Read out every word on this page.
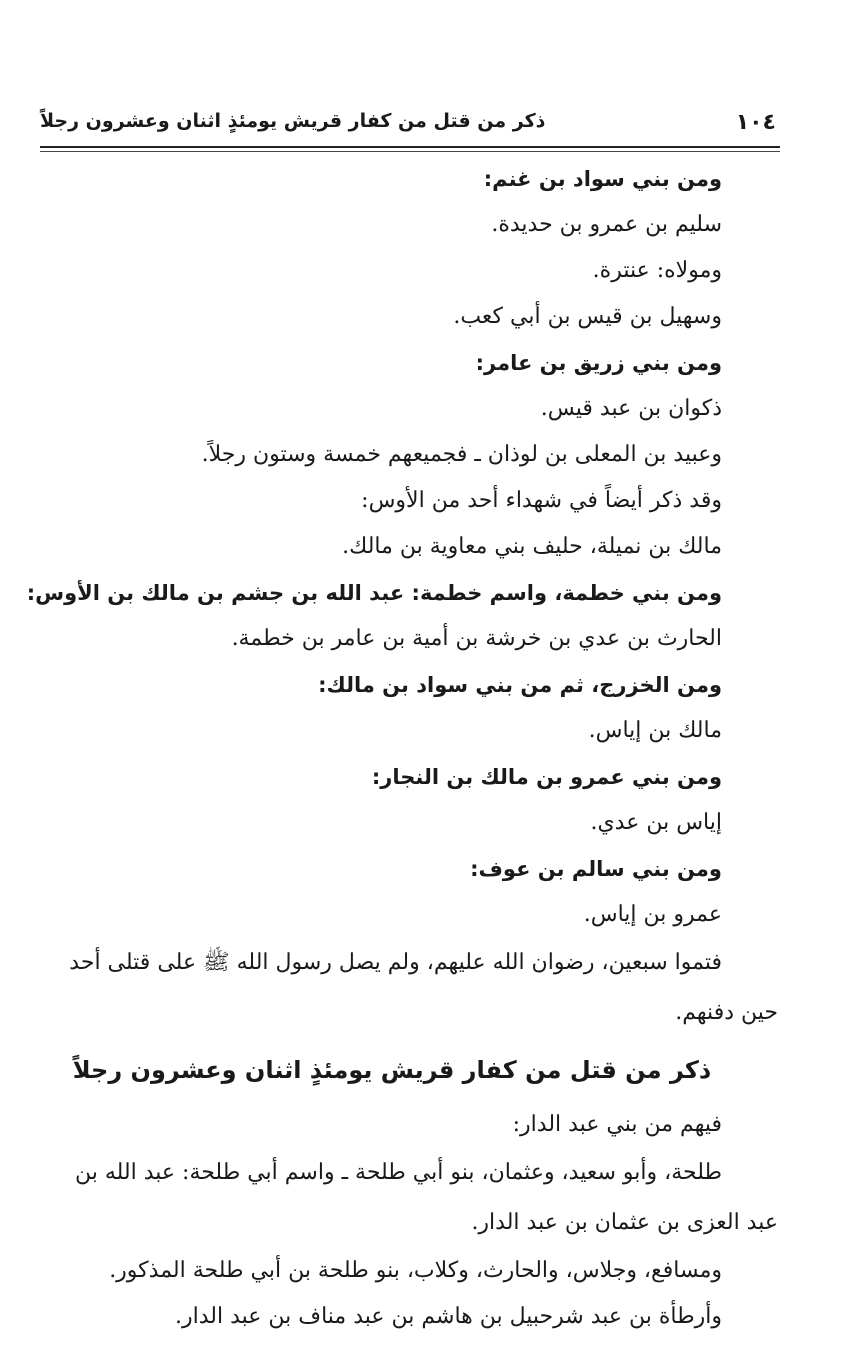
١٠٤
ذكر من قتل من كفار قريش يومئذٍ اثنان وعشرون رجلاً
ومن بني سواد بن غنم:
سليم بن عمرو بن حديدة.
ومولاه: عنترة.
وسهيل بن قيس بن أبي كعب.
ومن بني زريق بن عامر:
ذكوان بن عبد قيس.
وعبيد بن المعلى بن لوذان ـ فجميعهم خمسة وستون رجلاً.
وقد ذكر أيضاً في شهداء أحد من الأوس:
مالك بن نميلة، حليف بني معاوية بن مالك.
ومن بني خطمة، واسم خطمة: عبد الله بن جشم بن مالك بن الأوس:
الحارث بن عدي بن خرشة بن أمية بن عامر بن خطمة.
ومن الخزرج، ثم من بني سواد بن مالك:
مالك بن إياس.
ومن بني عمرو بن مالك بن النجار:
إياس بن عدي.
ومن بني سالم بن عوف:
عمرو بن إياس.
فتموا سبعين، رضوان الله عليهم، ولم يصل رسول الله ﷺ على قتلى أحد
حين دفنهم.
ذكر من قتل من كفار قريش يومئذٍ اثنان وعشرون رجلاً
فيهم من بني عبد الدار:
طلحة، وأبو سعيد، وعثمان، بنو أبي طلحة ـ واسم أبي طلحة: عبد الله بن
عبد العزى بن عثمان بن عبد الدار.
ومسافع، وجلاس، والحارث، وكلاب، بنو طلحة بن أبي طلحة المذكور.
وأرطأة بن عبد شرحبيل بن هاشم بن عبد مناف بن عبد الدار.
